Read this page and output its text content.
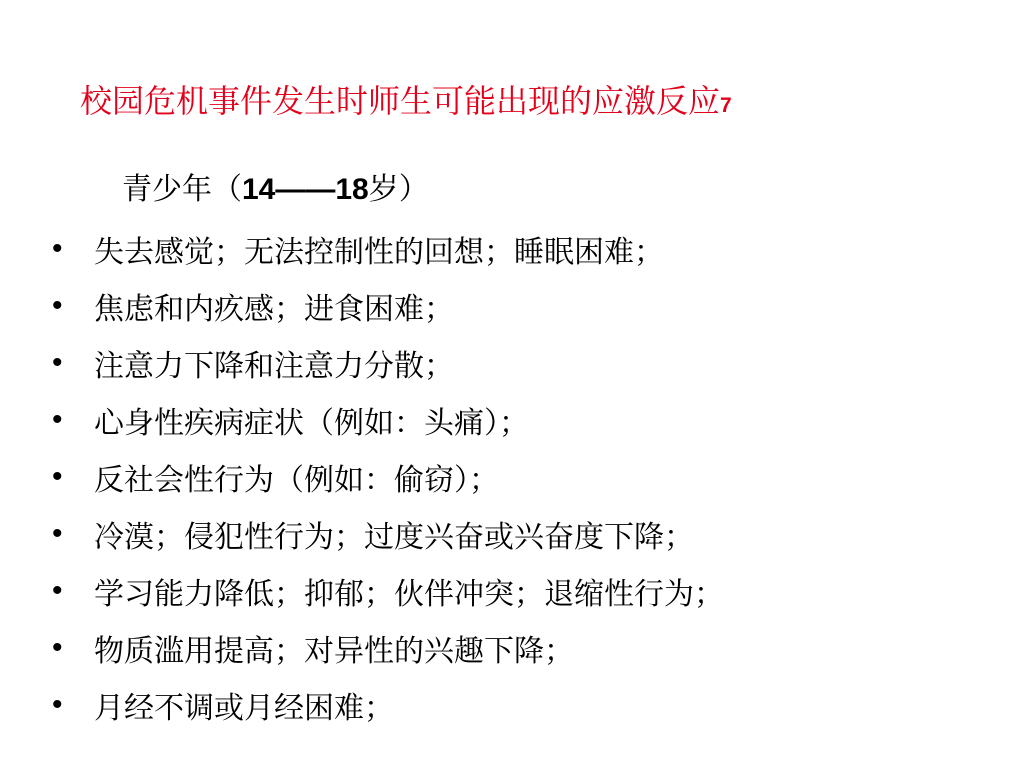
校园危机事件发生时师生可能出现的应激反应7
青少年（14——18岁）
•	失去感觉；无法控制性的回想；睡眠困难；
•	焦虑和内疚感；进食困难；
•	注意力下降和注意力分散；
•	心身性疾病症状（例如：头痛）；
•	反社会性行为（例如：偷窃）；
•	冷漠；侵犯性行为；过度兴奋或兴奋度下降；
•	学习能力降低；抑郁；伙伴冲突；退缩性行为；
•	物质滥用提高；对异性的兴趣下降；
•	月经不调或月经困难；
